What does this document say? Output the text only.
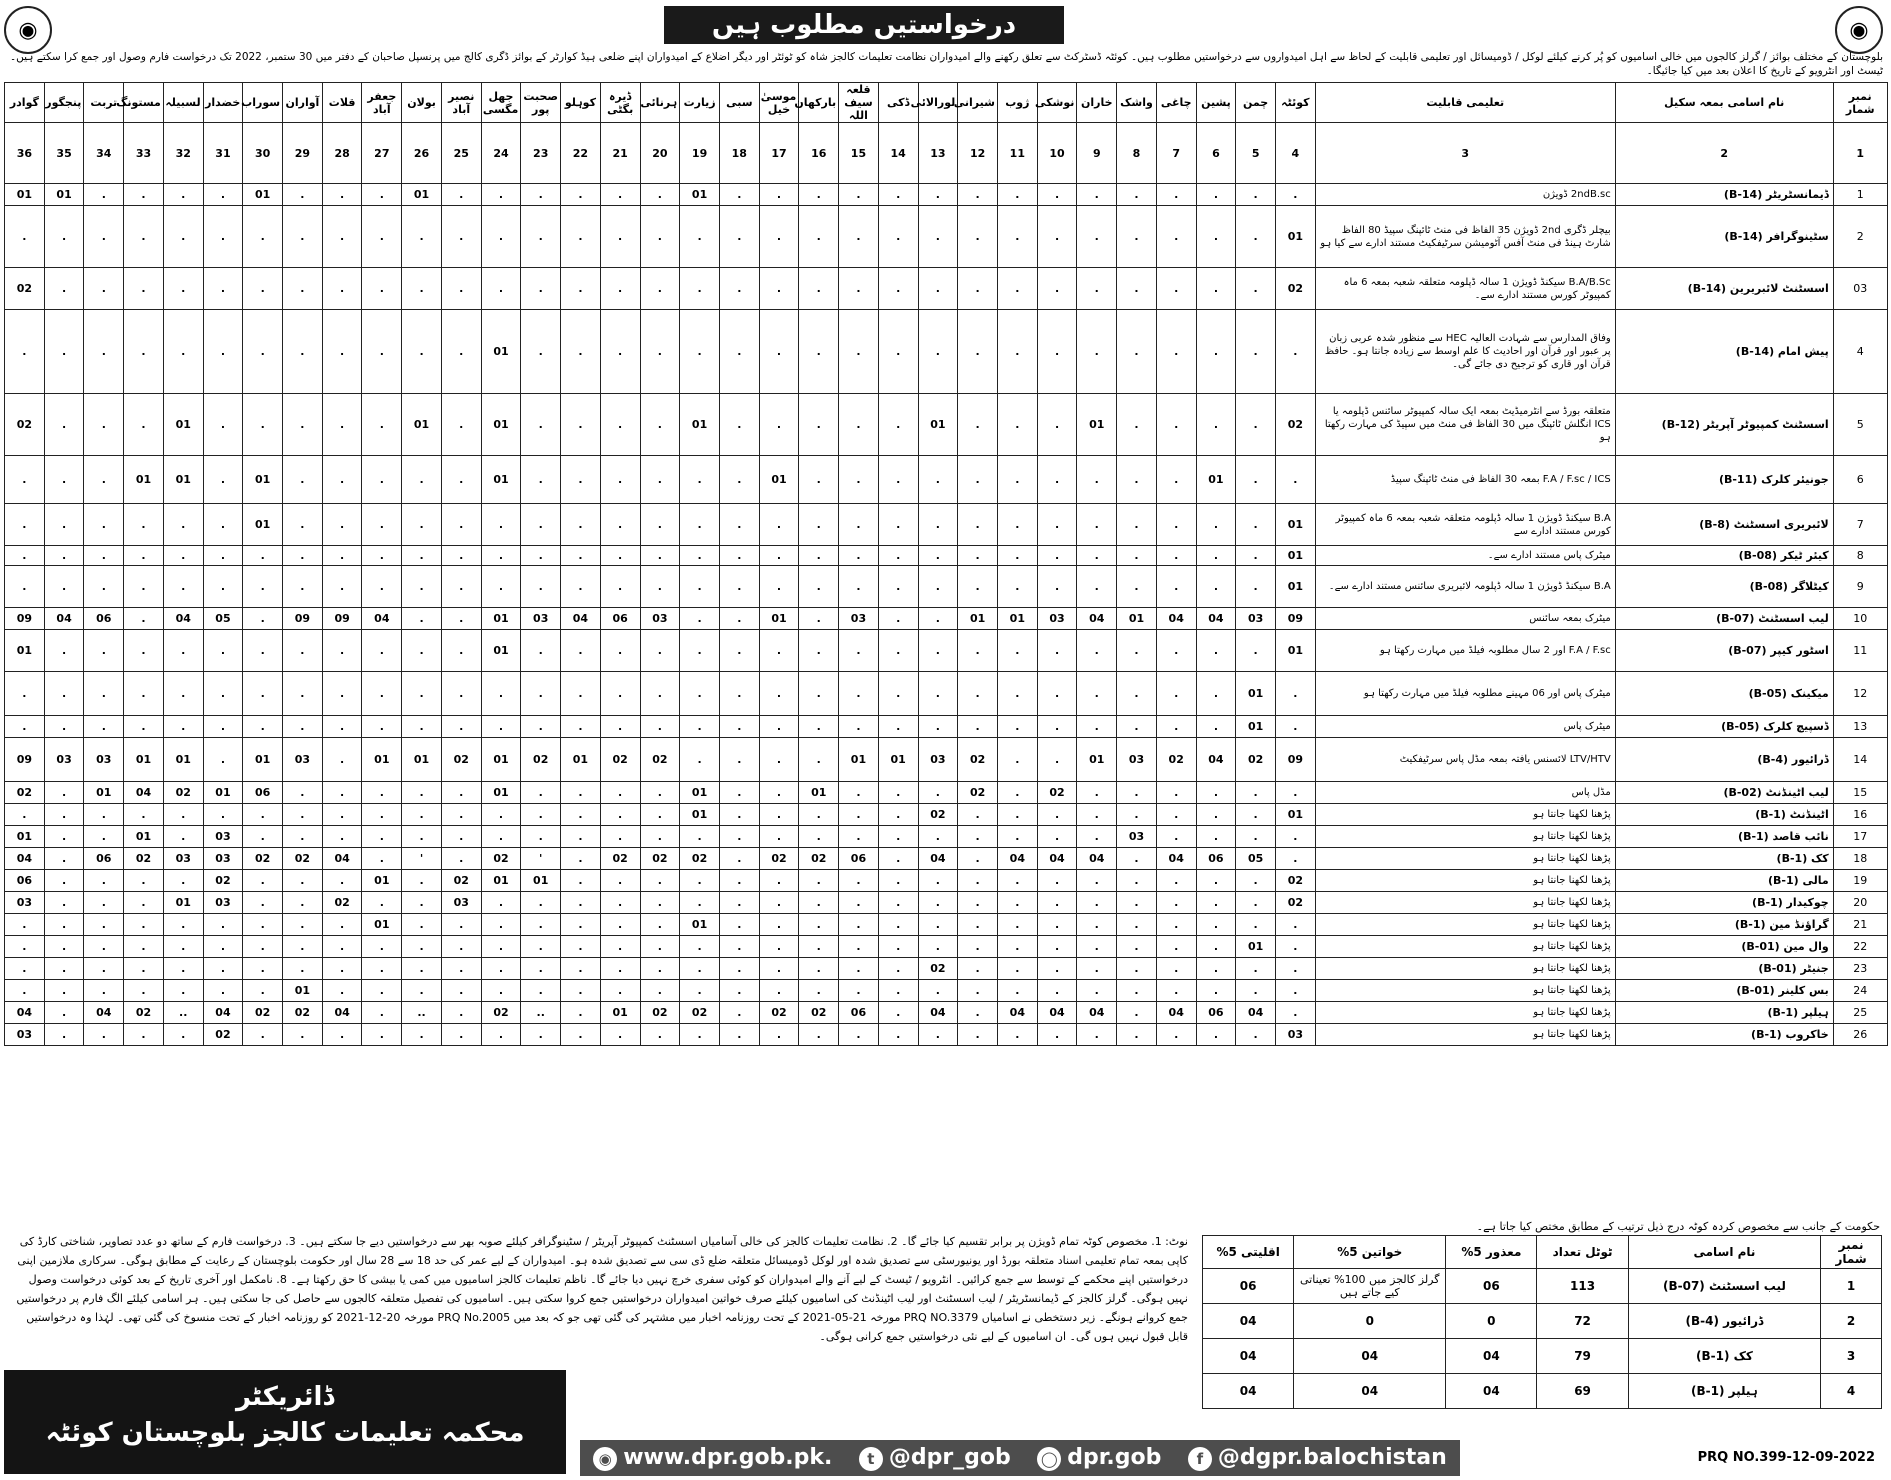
◉	درخواستیں مطلوب ہیں	◉
بلوچستان کے مختلف بوائز / گرلز کالجوں میں خالی اسامیوں کو پُر کرنے کیلئے لوکل / ڈومیسائل اور تعلیمی قابلیت کے لحاظ سے اہل امیدواروں سے درخواستیں مطلوب ہیں۔ کوئٹہ ڈسٹرکٹ سے تعلق رکھنے والے امیدواران نظامت تعلیمات کالجز شاہ کو ٹوئٹر اور دیگر اضلاع کے امیدواران اپنے ضلعی ہیڈ کوارٹر کے بوائز ڈگری کالج میں پرنسپل صاحبان کے دفتر میں 30 ستمبر، 2022 تک درخواست فارم وصول اور جمع کرا سکتے ہیں۔ ٹیسٹ اور انٹرویو کے تاریخ کا اعلان بعد میں کیا جائیگا۔
نمبر شمار	نام اسامی بمعہ سکیل	تعلیمی قابلیت	کوئٹہ	چمن	پشین	چاغی	واشک	خاران	نوشکی	ژوب	شیرانی	لورالائی	ڈکی	قلعہ سیف اللہ	بارکھان	موسیٰ خیل	سبی	زیارت	ہرنائی	ڈیرہ بگٹی	کوہلو	صحبت پور	جھل مگسی	نصیر آباد	بولان	جعفر آباد	قلات	آواران	سوراب	خضدار	لسبیلہ	مستونگ	تربت	پنجگور	گوادر	
1	2	3	4	5	6	7	8	9	10	11	12	13	14	15	16	17	18	19	20	21	22	23	24	25	26	27	28	29	30	31	32	33	34	35	36	
1	ڈیمانسٹریٹر (B-14)	2ndB.sc ڈویژن	.	.	.	.	.	.	.	.	.	.	.	.	.	.	.	01	.	.	.	.	.	.	01	.	.	.	01	.	.	.	.	01	01		
2	سٹینوگرافر (B-14)	بیچلر ڈگری 2nd ڈویژن 35 الفاظ فی منٹ ٹائپنگ سپیڈ 80 الفاظ شارٹ ہینڈ فی منٹ آفس آٹومیشن سرٹیفکیٹ مستند ادارے سے کیا ہو	01	.	.	.	.	.	.	.	.	.	.	.	.	.	.	.	.	.	.	.	.	.	.	.	.	.	.	.	.	.	.	.	.		
03	اسسٹنٹ لائبریرین (B-14)	B.A/B.Sc سیکنڈ ڈویژن 1 سالہ ڈپلومہ متعلقہ شعبہ بمعہ 6 ماہ کمپیوٹر کورس مستند ادارے سے۔	02	.	.	.	.	.	.	.	.	.	.	.	.	.	.	.	.	.	.	.	.	.	.	.	.	.	.	.	.	.	.	.	02		
4	پیش امام (B-14)	وفاق المدارس سے شہادت العالیہ HEC سے منظور شدہ عربی زبان پر عبور اور قرآن اور احادیث کا علم اوسط سے زیادہ جانتا ہو۔ حافظ قرآن اور قاری کو ترجیح دی جائے گی۔	.	.	.	.	.	.	.	.	.	.	.	.	.	.	.	.	.	.	.	.	01	.	.	.	.	.	.	.	.	.	.	.	.		
5	اسسٹنٹ کمپیوٹر آپریٹر (B-12)	متعلقہ بورڈ سے انٹرمیڈیٹ بمعہ ایک سالہ کمپیوٹر سائنس ڈپلومہ یا ICS انگلش ٹائپنگ میں 30 الفاظ فی منٹ میں سپیڈ کی مہارت رکھتا ہو	02	.	.	.	.	01	.	.	.	01	.	.	.	.	.	01	.	.	.	.	01	.	01	.	.	.	.	.	01	.	.	.	02		
6	جونیئر کلرک (B-11)	F.A / F.sc / ICS بمعہ 30 الفاظ فی منٹ ٹائپنگ سپیڈ	.	.	01	.	.	.	.	.	.	.	.	.	.	01	.	.	.	.	.	.	01	.	.	.	.	.	01	.	01	01	.	.	.		
7	لائبریری اسسٹنٹ (B-8)	B.A سیکنڈ ڈویژن 1 سالہ ڈپلومہ متعلقہ شعبہ بمعہ 6 ماہ کمپیوٹر کورس مستند ادارے سے	01	.	.	.	.	.	.	.	.	.	.	.	.	.	.	.	.	.	.	.	.	.	.	.	.	.	01	.	.	.	.	.	.		
8	کیئر ٹیکر (B-08)	میٹرک پاس مستند ادارے سے۔	01	.	.	.	.	.	.	.	.	.	.	.	.	.	.	.	.	.	.	.	.	.	.	.	.	.	.	.	.	.	.	.	.		
9	کیٹلاگر (B-08)	B.A سیکنڈ ڈویژن 1 سالہ ڈپلومہ لائبریری سائنس مستند ادارے سے۔	01	.	.	.	.	.	.	.	.	.	.	.	.	.	.	.	.	.	.	.	.	.	.	.	.	.	.	.	.	.	.	.	.		
10	لیب اسسٹنٹ (B-07)	میٹرک بمعہ سائنس	09	03	04	04	01	04	03	01	01	.	.	03	.	01	.	.	03	06	04	03	01	.	.	04	09	09	.	05	04	.	06	04	09		
11	اسٹور کیپر (B-07)	F.A / F.sc اور 2 سال مطلوبہ فیلڈ میں مہارت رکھتا ہو	01	.	.	.	.	.	.	.	.	.	.	.	.	.	.	.	.	.	.	.	01	.	.	.	.	.	.	.	.	.	.	.	01		
12	میکینک (B-05)	میٹرک پاس اور 06 مہینے مطلوبہ فیلڈ میں مہارت رکھتا ہو	.	01	.	.	.	.	.	.	.	.	.	.	.	.	.	.	.	.	.	.	.	.	.	.	.	.	.	.	.	.	.	.	.		
13	ڈسپیچ کلرک (B-05)	میٹرک پاس	.	01	.	.	.	.	.	.	.	.	.	.	.	.	.	.	.	.	.	.	.	.	.	.	.	.	.	.	.	.	.	.	.		
14	ڈرائیور (B-4)	LTV/HTV لائسنس یافتہ بمعہ مڈل پاس سرٹیفکیٹ	09	02	04	02	03	01	.	.	02	03	01	01	.	.	.	.	02	02	01	02	01	02	01	01	.	03	01	.	01	01	03	03	09		
15	لیب اٹینڈنٹ (B-02)	مڈل پاس	.	.	.	.	.	.	02	.	02	.	.	.	01	.	.	01	.	.	.	.	01	.	.	.	.	.	06	01	02	04	01	.	02		
16	اٹینڈنٹ (B-1)	پڑھنا لکھنا جانتا ہو	01	.	.	.	.	.	.	.	.	02	.	.	.	.	.	01	.	.	.	.	.	.	.	.	.	.	.	.	.	.	.	.	.		
17	نائب قاصد (B-1)	پڑھنا لکھنا جانتا ہو	.	.	.	.	03	.	.	.	.	.	.	.	.	.	.	.	.	.	.	.	.	.	.	.	.	.	.	03	.	01	.	.	01		
18	کک (B-1)	پڑھنا لکھنا جانتا ہو	.	05	06	04	.	04	04	04	.	04	.	06	02	02	.	02	02	02	.	'	02	.	'	.	04	02	02	03	03	02	06	.	04		
19	مالی (B-1)	پڑھنا لکھنا جانتا ہو	02	.	.	.	.	.	.	.	.	.	.	.	.	.	.	.	.	.	.	01	01	02	.	01	.	.	.	02	.	.	.	.	06		
20	چوکیدار (B-1)	پڑھنا لکھنا جانتا ہو	02	.	.	.	.	.	.	.	.	.	.	.	.	.	.	.	.	.	.	.	.	03	.	.	02	.	.	03	01	.	.	.	03		
21	گراؤنڈ مین (B-1)	پڑھنا لکھنا جانتا ہو	.	.	.	.	.	.	.	.	.	.	.	.	.	.	.	01	.	.	.	.	.	.	.	01	.	.	.	.	.	.	.	.	.		
22	وال مین (B-01)	پڑھنا لکھنا جانتا ہو	.	01	.	.	.	.	.	.	.	.	.	.	.	.	.	.	.	.	.	.	.	.	.	.	.	.	.	.	.	.	.	.	.		
23	جنیٹر (B-01)	پڑھنا لکھنا جانتا ہو	.	.	.	.	.	.	.	.	.	02	.	.	.	.	.	.	.	.	.	.	.	.	.	.	.	.	.	.	.	.	.	.	.		
24	بس کلینر (B-01)	پڑھنا لکھنا جانتا ہو	.	.	.	.	.	.	.	.	.	.	.	.	.	.	.	.	.	.	.	.	.	.	.	.	.	01	.	.	.	.	.	.	.		
25	ہیلپر (B-1)	پڑھنا لکھنا جانتا ہو	.	04	06	04	.	04	04	04	.	04	.	06	02	02	.	02	02	01	.	..	02	.	..	.	04	02	02	04	..	02	04	.	04		
26	خاکروب (B-1)	پڑھنا لکھنا جانتا ہو	03	.	.	.	.	.	.	.	.	.	.	.	.	.	.	.	.	.	.	.	.	.	.	.	.	.	.	02	.	.	.	.	03		
حکومت کے جانب سے مخصوص کردہ کوٹہ درج ذیل ترتیب کے مطابق مختص کیا جاتا ہے۔
نمبر شمار	نام اسامی	ٹوٹل تعداد	معذور 5%	خواتین 5%	اقلیتی 5%
1	لیب اسسٹنٹ (B-07)	113	06	گرلز کالجز میں 100% تعیناتی کیے جاتے ہیں	06
2	ڈرائیور (B-4)	72	0	0	04
3	کک (B-1)	79	04	04	04
4	ہیلپر (B-1)	69	04	04	04
نوٹ: 1. مخصوص کوٹہ تمام ڈویژن پر برابر تقسیم کیا جائے گا۔ 2. نظامت تعلیمات کالجز کی خالی آسامیاں اسسٹنٹ کمپیوٹر آپریٹر / سٹینوگرافر کیلئے صوبہ بھر سے درخواستیں دیے جا سکتے ہیں۔ 3. درخواست فارم کے ساتھ دو عدد تصاویر، شناختی کارڈ کی کاپی بمعہ تمام تعلیمی اسناد متعلقہ بورڈ اور یونیورسٹی سے تصدیق شدہ اور لوکل ڈومیسائل متعلقہ ضلع ڈی سی سے تصدیق شدہ ہو۔ امیدواران کے لیے عمر کی حد 18 سے 28 سال اور حکومت بلوچستان کے رعایت کے مطابق ہوگی۔ سرکاری ملازمین اپنی درخواستیں اپنے محکمے کے توسط سے جمع کرائیں۔ انٹرویو / ٹیسٹ کے لیے آنے والے امیدواران کو کوئی سفری خرچ نہیں دیا جائے گا۔ ناظم تعلیمات کالجز اسامیوں میں کمی یا بیشی کا حق رکھتا ہے۔ 8. نامکمل اور آخری تاریخ کے بعد کوئی درخواست وصول نہیں ہوگی۔ گرلز کالجز کے ڈیمانسٹریٹر / لیب اسسٹنٹ اور لیب اٹینڈنٹ کی اسامیوں کیلئے صرف خواتین امیدواران درخواستیں جمع کروا سکتی ہیں۔ اسامیوں کی تفصیل متعلقہ کالجوں سے حاصل کی جا سکتی ہیں۔ ہر اسامی کیلئے الگ فارم پر درخواستیں جمع کروانے ہونگے۔ زیر دستخطی نے اسامیاں PRQ NO.3379 مورخہ 21-05-2021 کے تحت روزنامہ اخبار میں مشتہر کی گئی تھی جو کہ بعد میں PRQ No.2005 مورخہ 20-12-2021 کو روزنامہ اخبار کے تحت منسوخ کی گئی تھی۔ لہٰذا وہ درخواستیں قابل قبول نہیں ہوں گی۔ ان اسامیوں کے لیے نئی درخواستیں جمع کرانی ہوگی۔
ڈائریکٹر
محکمہ تعلیمات کالجز بلوچستان کوئٹہ
◉ www.dpr.gob.pk.	t @dpr_gob ◯ dpr.gob	f @dgpr.balochistan	PRQ NO.399-12-09-2022
